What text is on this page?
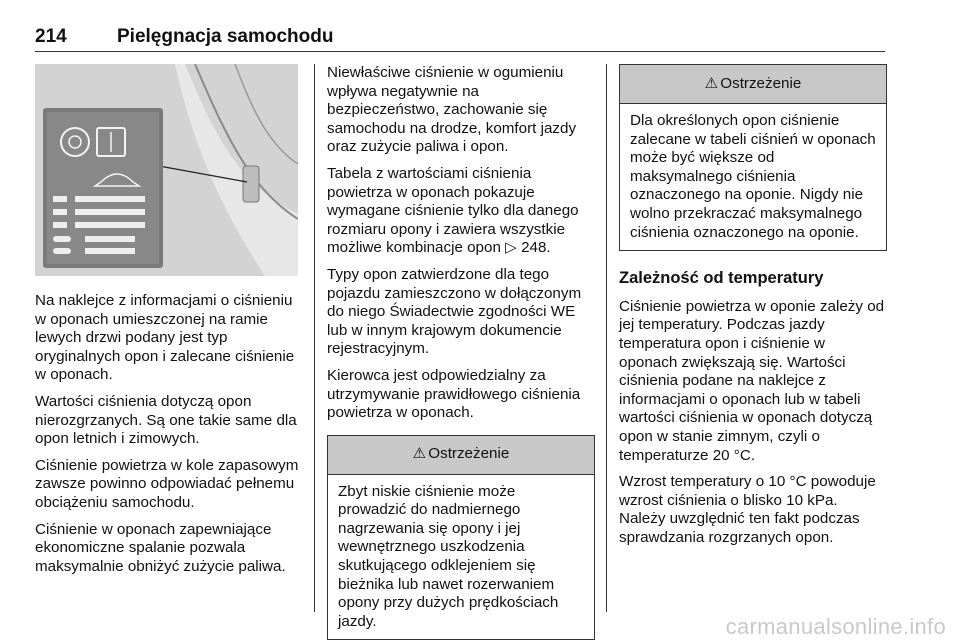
214	Pielęgnacja samochodu

Na naklejce z informacjami o ciśnieniu w oponach umieszczonej na ramie lewych drzwi podany jest typ oryginalnych opon i zalecane ciśnienie w oponach.

Wartości ciśnienia dotyczą opon nierozgrzanych. Są one takie same dla opon letnich i zimowych.

Ciśnienie powietrza w kole zapasowym zawsze powinno odpowiadać pełnemu obciążeniu samochodu.

Ciśnienie w oponach zapewniające ekonomiczne spalanie pozwala maksymalnie obniżyć zużycie paliwa.

Niewłaściwe ciśnienie w ogumieniu wpływa negatywnie na bezpieczeństwo, zachowanie się samochodu na drodze, komfort jazdy oraz zużycie paliwa i opon.

Tabela z wartościami ciśnienia powietrza w oponach pokazuje wymagane ciśnienie tylko dla danego rozmiaru opony i zawiera wszystkie możliwe kombinacje opon ▷ 248.

Typy opon zatwierdzone dla tego pojazdu zamieszczono w dołączonym do niego Świadectwie zgodności WE lub w innym krajowym dokumencie rejestracyjnym.

Kierowca jest odpowiedzialny za utrzymywanie prawidłowego ciśnienia powietrza w oponach.

⚠ Ostrzeżenie
Zbyt niskie ciśnienie może prowadzić do nadmiernego nagrzewania się opony i jej wewnętrznego uszkodzenia skutkującego odklejeniem się bieżnika lub nawet rozerwaniem opony przy dużych prędkościach jazdy.
⚠ Ostrzeżenie
Dla określonych opon ciśnienie zalecane w tabeli ciśnień w oponach może być większe od maksymalnego ciśnienia oznaczonego na oponie. Nigdy nie wolno przekraczać maksymalnego ciśnienia oznaczonego na oponie.
Zależność od temperatury

Ciśnienie powietrza w oponie zależy od jej temperatury. Podczas jazdy temperatura opon i ciśnienie w oponach zwiększają się. Wartości ciśnienia podane na naklejce z informacjami o oponach lub w tabeli wartości ciśnienia w oponach dotyczą opon w stanie zimnym, czyli o temperaturze 20 °C.

Wzrost temperatury o 10 °C powoduje wzrost ciśnienia o blisko 10 kPa. Należy uwzględnić ten fakt podczas sprawdzania rozgrzanych opon.

carmanualsonline.info
